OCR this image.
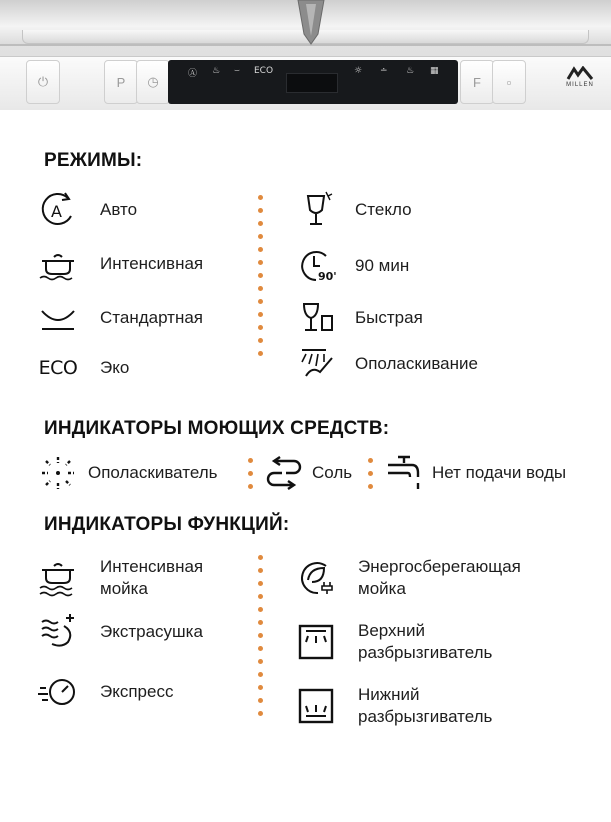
⏻	P ◷	Ⓐ ♨ ⌣ ECO	☼ ∸ ♨ ▦
F	▫	MILLEN
РЕЖИМЫ:
A Авто
Интенсивная
Стандартная
ECO Эко
Стекло
90'
90 мин
Быстрая
Ополаскивание
ИНДИКАТОРЫ МОЮЩИХ СРЕДСТВ:
Ополаскиватель	Соль	Нет подачи воды
ИНДИКАТОРЫ ФУНКЦИЙ:
Интенсивная
мойка
Экстрасушка
Экспресс
Энергосберегающая
мойка
Верхний
разбрызгиватель
Нижний
разбрызгиватель
